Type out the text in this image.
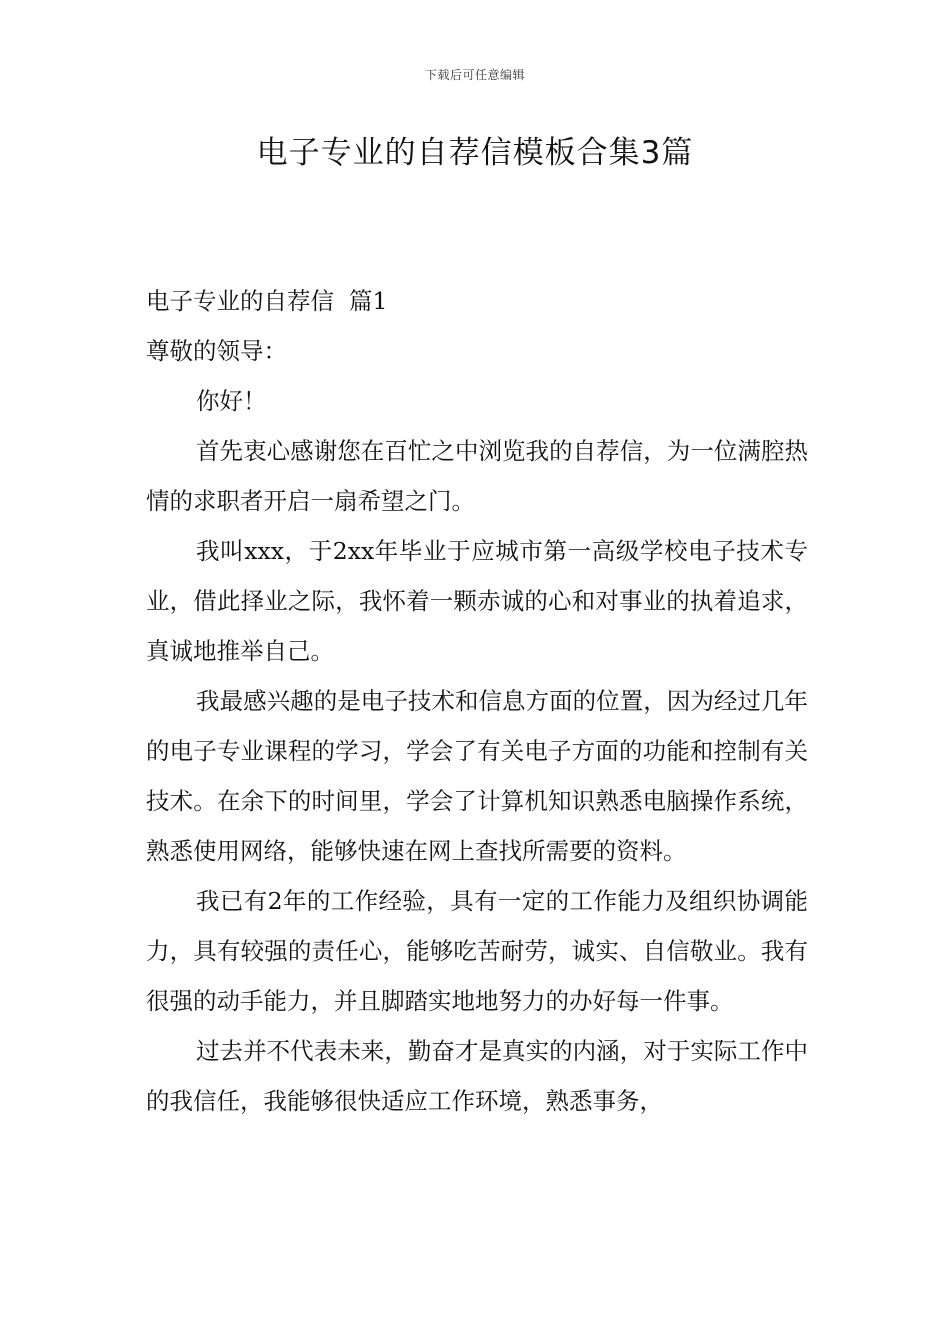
下载后可任意编辑
电子专业的自荐信模板合集3篇

电子专业的自荐信  篇1

尊敬的领导：

你好！

首先衷心感谢您在百忙之中浏览我的自荐信，为一位满腔热情的求职者开启一扇希望之门。

我叫xxx，于2xx年毕业于应城市第一高级学校电子技术专业，借此择业之际，我怀着一颗赤诚的心和对事业的执着追求，真诚地推举自己。

我最感兴趣的是电子技术和信息方面的位置，因为经过几年的电子专业课程的学习，学会了有关电子方面的功能和控制有关技术。在余下的时间里，学会了计算机知识熟悉电脑操作系统，熟悉使用网络，能够快速在网上查找所需要的资料。

我已有2年的工作经验，具有一定的工作能力及组织协调能力，具有较强的责任心，能够吃苦耐劳，诚实、自信敬业。我有很强的动手能力，并且脚踏实地地努力的办好每一件事。

过去并不代表未来，勤奋才是真实的内涵，对于实际工作中的我信任，我能够很快适应工作环境，熟悉事务，
